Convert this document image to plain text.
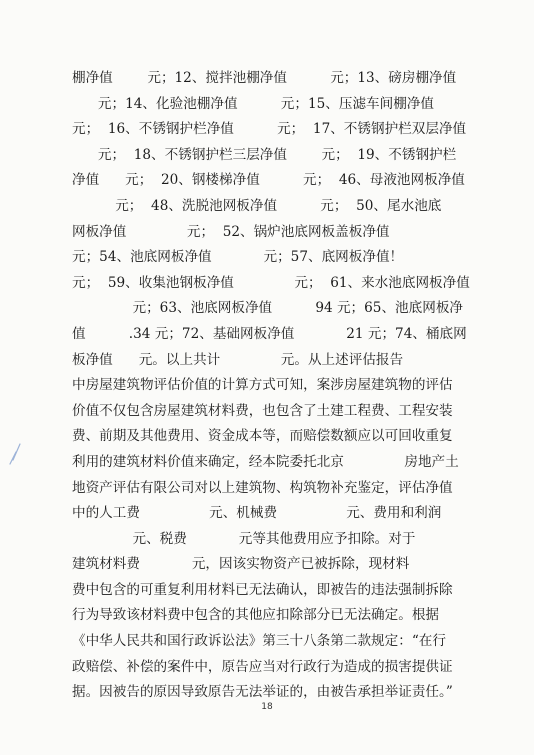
棚净值        元；12、搅拌池棚净值          元；13、磅房棚净值
元；14、化验池棚净值          元；15、压滤车间棚净值
元；  16、不锈钢护栏净值          元；  17、不锈钢护栏双层净值
元；  18、不锈钢护栏三层净值        元；  19、不锈钢护栏
净值      元；  20、钢楼梯净值          元；  46、母液池网板净值
元；  48、洗脱池网板净值          元；  50、尾水池底
网板净值              元；  52、锅炉池底网板盖板净值
元；54、池底网板净值            元；57、底网板净值！
元；  59、收集池钢板净值              元；  61、来水池底网板净值
元；63、池底网板净值          94 元；65、池底网板净
值          .34 元；72、基础网板净值            21 元；74、桶底网
板净值      元。以上共计              元。从上述评估报告
中房屋建筑物评估价值的计算方式可知，案涉房屋建筑物的评估
价值不仅包含房屋建筑材料费，也包含了土建工程费、工程安装
费、前期及其他费用、资金成本等，而赔偿数额应以可回收重复
利用的建筑材料价值来确定，经本院委托北京              房地产土
地资产评估有限公司对以上建筑物、构筑物补充鉴定，评估净值
中的人工费                元、机械费                元、费用和利润
元、税费            元等其他费用应予扣除。对于
建筑材料费            元，因该实物资产已被拆除，现材料
费中包含的可重复利用材料已无法确认，即被告的违法强制拆除
行为导致该材料费中包含的其他应扣除部分已无法确定。根据
《中华人民共和国行政诉讼法》第三十八条第二款规定：“在行
政赔偿、补偿的案件中，原告应当对行政行为造成的损害提供证
据。因被告的原因导致原告无法举证的，由被告承担举证责任。”
18
